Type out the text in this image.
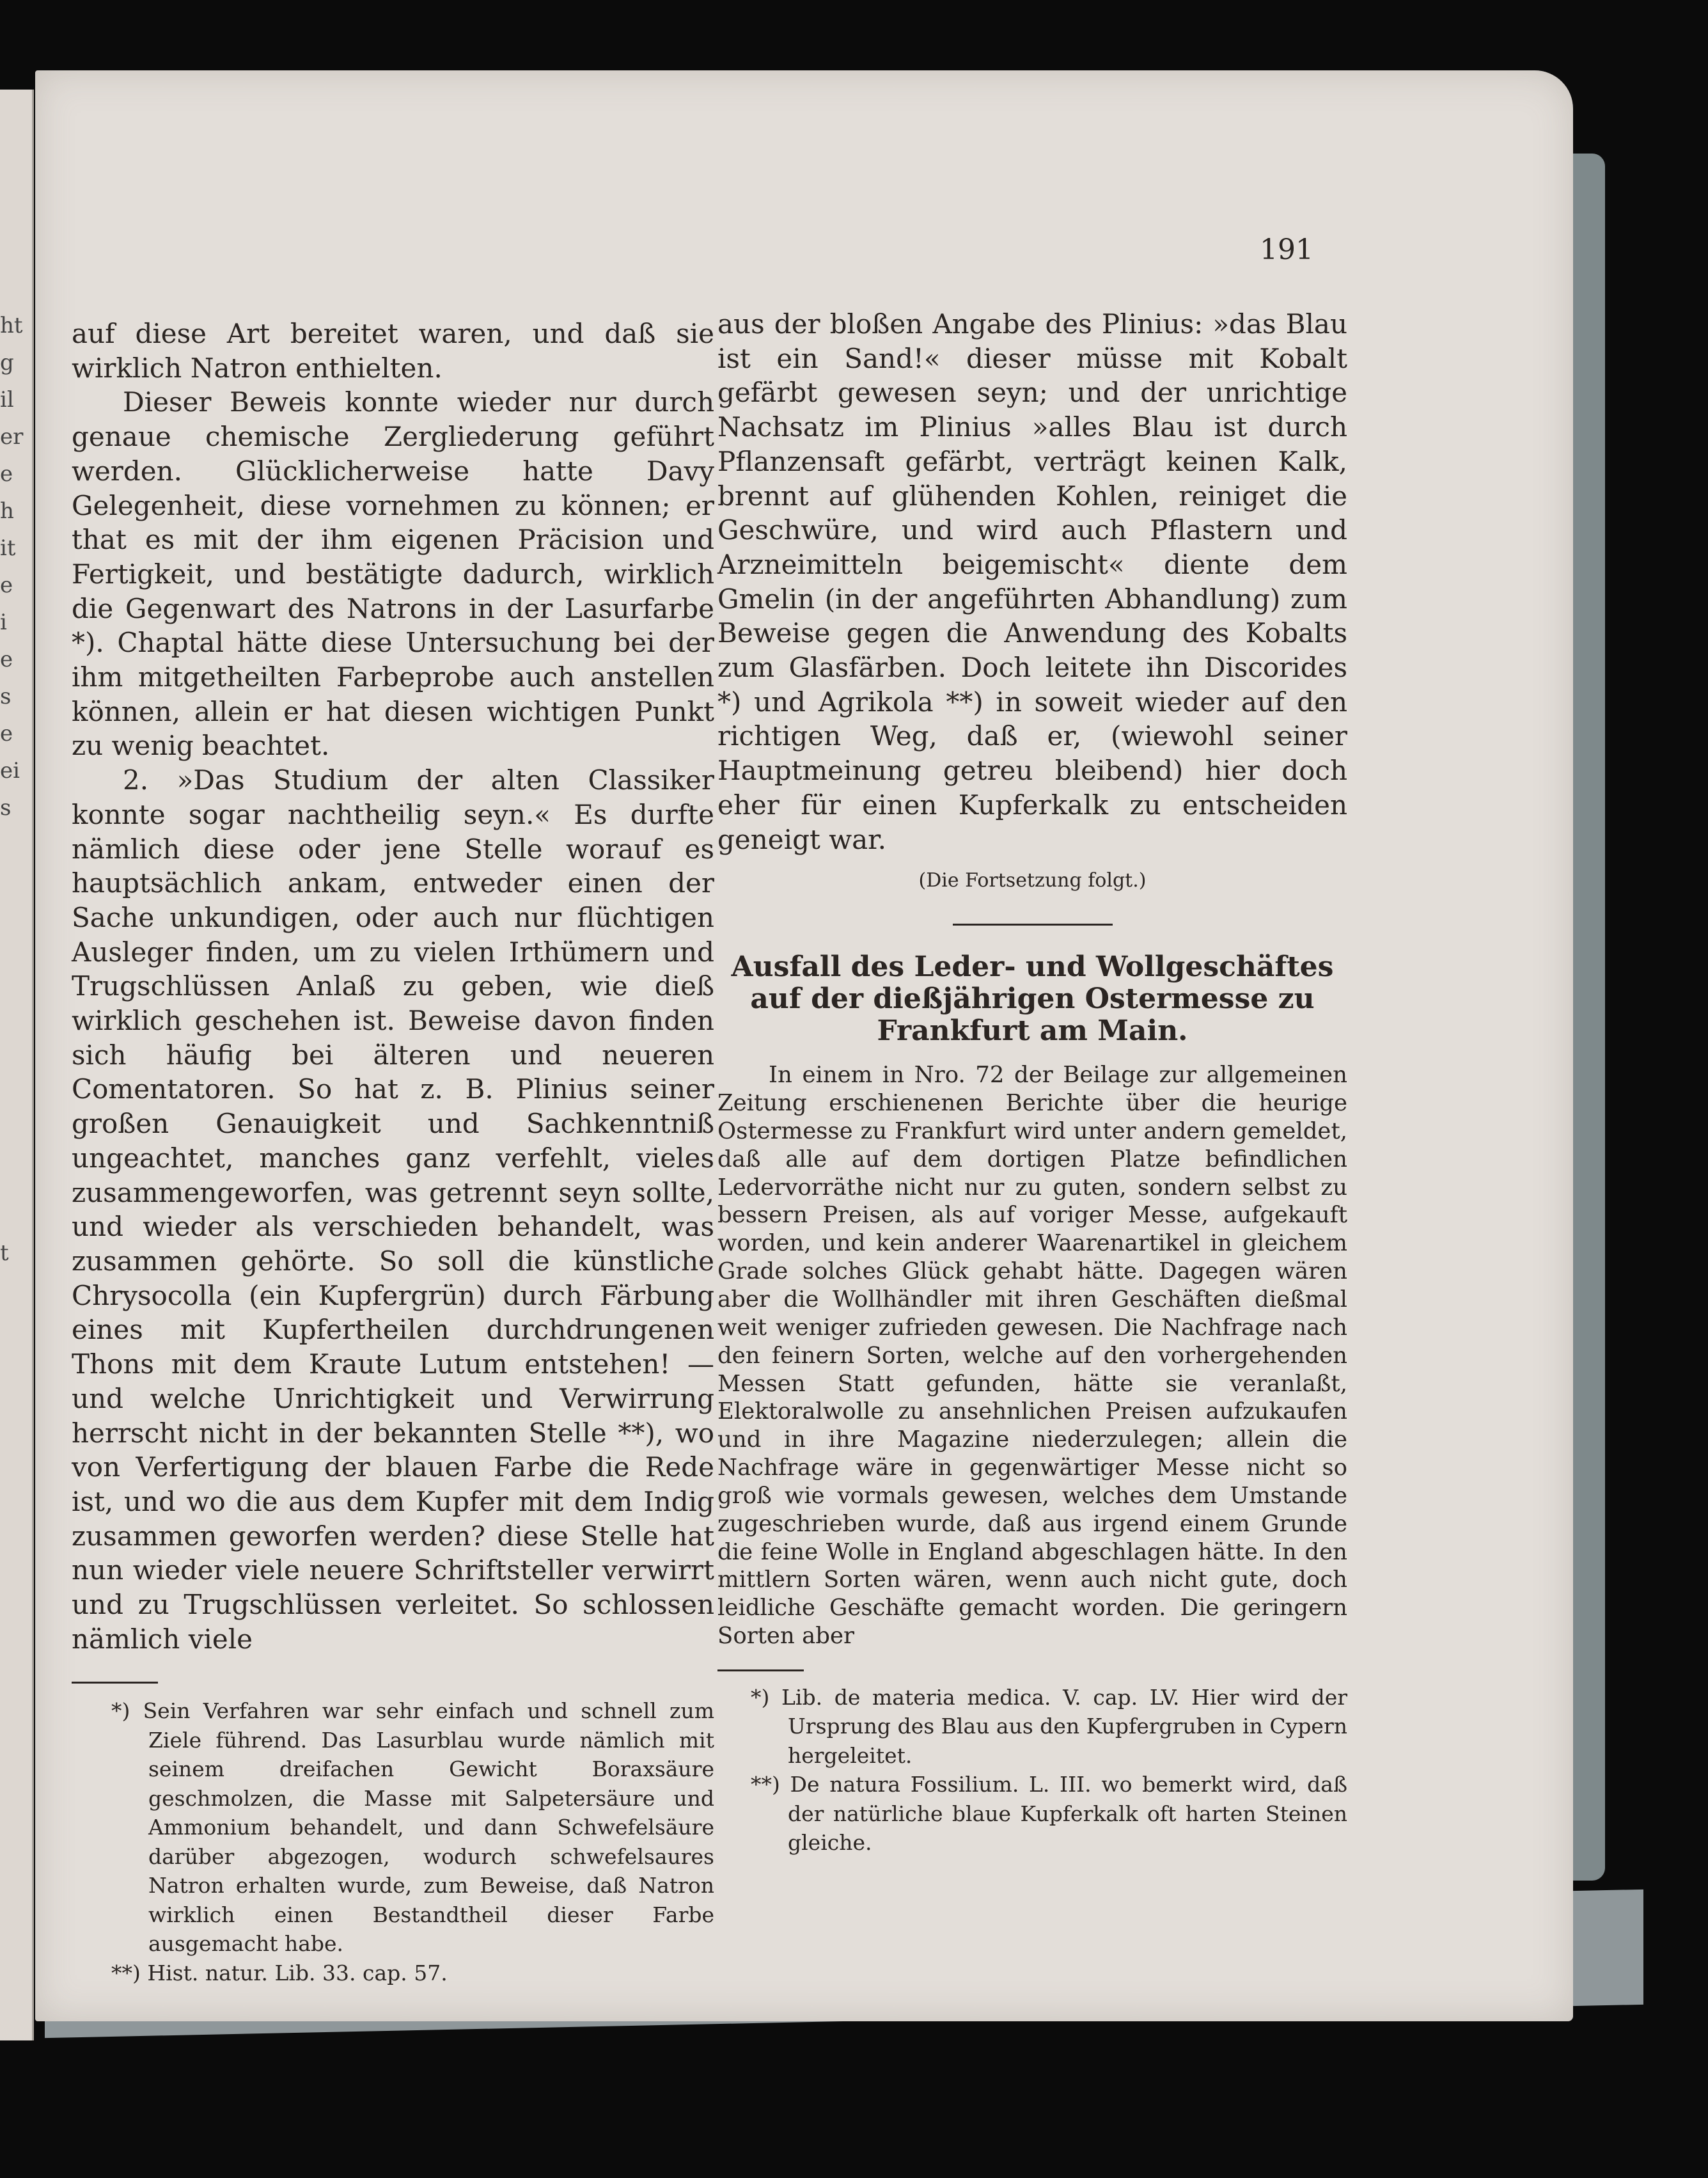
ht
g
il
er
e
h
it
e
i
e
s
e
ei
s

t
191

auf diese Art bereitet waren, und daß sie wirklich Natron enthielten.

Dieser Beweis konnte wieder nur durch genaue chemische Zergliederung geführt werden. Glücklicherweise hatte Davy Gelegenheit, diese vornehmen zu können; er that es mit der ihm eigenen Präcision und Fertigkeit, und bestätigte dadurch, wirklich die Gegenwart des Natrons in der Lasurfarbe *). Chaptal hätte diese Untersuchung bei der ihm mitgetheilten Farbeprobe auch anstellen können, allein er hat diesen wichtigen Punkt zu wenig beachtet.

2. »Das Studium der alten Classiker konnte sogar nachtheilig seyn.« Es durfte nämlich diese oder jene Stelle worauf es hauptsächlich ankam, entweder einen der Sache unkundigen, oder auch nur flüchtigen Ausleger finden, um zu vielen Irthümern und Trugschlüssen Anlaß zu geben, wie dieß wirklich geschehen ist. Beweise davon finden sich häufig bei älteren und neueren Comentatoren. So hat z. B. Plinius seiner großen Genauigkeit und Sachkenntniß ungeachtet, manches ganz verfehlt, vieles zusammengeworfen, was getrennt seyn sollte, und wieder als verschieden behandelt, was zusammen gehörte. So soll die künstliche Chrysocolla (ein Kupfergrün) durch Färbung eines mit Kupfertheilen durchdrungenen Thons mit dem Kraute Lutum entstehen! — und welche Unrichtigkeit und Verwirrung herrscht nicht in der bekannten Stelle **), wo von Verfertigung der blauen Farbe die Rede ist, und wo die aus dem Kupfer mit dem Indig zusammen geworfen werden? diese Stelle hat nun wieder viele neuere Schriftsteller verwirrt und zu Trugschlüssen verleitet. So schlossen nämlich viele

*) Sein Verfahren war sehr einfach und schnell zum Ziele führend. Das Lasurblau wurde nämlich mit seinem dreifachen Gewicht Boraxsäure geschmolzen, die Masse mit Salpetersäure und Ammonium behandelt, und dann Schwefelsäure darüber abgezogen, wodurch schwefelsaures Natron erhalten wurde, zum Beweise, daß Natron wirklich einen Bestandtheil dieser Farbe ausgemacht habe.

**) Hist. natur. Lib. 33. cap. 57.

aus der bloßen Angabe des Plinius: »das Blau ist ein Sand!« dieser müsse mit Kobalt gefärbt gewesen seyn; und der unrichtige Nachsatz im Plinius »alles Blau ist durch Pflanzensaft gefärbt, verträgt keinen Kalk, brennt auf glühenden Kohlen, reiniget die Geschwüre, und wird auch Pflastern und Arzneimitteln beigemischt« diente dem Gmelin (in der angeführten Abhandlung) zum Beweise gegen die Anwendung des Kobalts zum Glasfärben. Doch leitete ihn Discorides *) und Agrikola **) in soweit wieder auf den richtigen Weg, daß er, (wiewohl seiner Hauptmeinung getreu bleibend) hier doch eher für einen Kupferkalk zu entscheiden geneigt war.

(Die Fortsetzung folgt.)

Ausfall des Leder- und Wollgeschäftes auf der dießjährigen Ostermesse zu Frankfurt am Main.

In einem in Nro. 72 der Beilage zur allgemeinen Zeitung erschienenen Berichte über die heurige Ostermesse zu Frankfurt wird unter andern gemeldet, daß alle auf dem dortigen Platze befindlichen Ledervorräthe nicht nur zu guten, sondern selbst zu bessern Preisen, als auf voriger Messe, aufgekauft worden, und kein anderer Waarenartikel in gleichem Grade solches Glück gehabt hätte. Dagegen wären aber die Wollhändler mit ihren Geschäften dießmal weit weniger zufrieden gewesen. Die Nachfrage nach den feinern Sorten, welche auf den vorhergehenden Messen Statt gefunden, hätte sie veranlaßt, Elektoralwolle zu ansehnlichen Preisen aufzukaufen und in ihre Magazine niederzulegen; allein die Nachfrage wäre in gegenwärtiger Messe nicht so groß wie vormals gewesen, welches dem Umstande zugeschrieben wurde, daß aus irgend einem Grunde die feine Wolle in England abgeschlagen hätte. In den mittlern Sorten wären, wenn auch nicht gute, doch leidliche Geschäfte gemacht worden. Die geringern Sorten aber

*) Lib. de materia medica. V. cap. LV. Hier wird der Ursprung des Blau aus den Kupfergruben in Cypern hergeleitet.

**) De natura Fossilium. L. III. wo bemerkt wird, daß der natürliche blaue Kupferkalk oft harten Steinen gleiche.
